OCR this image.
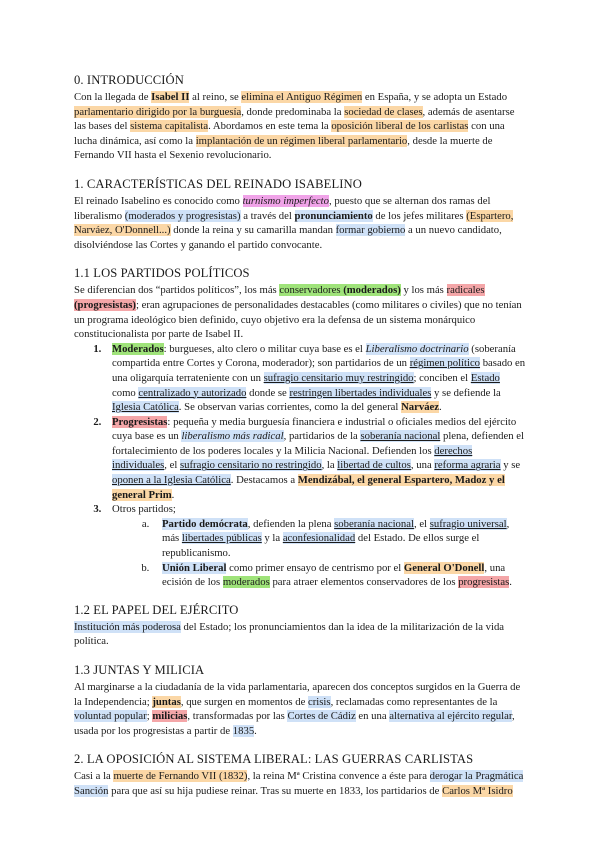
0. INTRODUCCIÓN

Con la llegada de Isabel II al reino, se elimina el Antiguo Régimen en España, y se adopta un Estado parlamentario dirigido por la burguesía, donde predominaba la sociedad de clases, además de asentarse las bases del sistema capitalista. Abordamos en este tema la oposición liberal de los carlistas con una lucha dinámica, así como la implantación de un régimen liberal parlamentario, desde la muerte de Fernando VII hasta el Sexenio revolucionario.

1. CARACTERÍSTICAS DEL REINADO ISABELINO

El reinado Isabelino es conocido como turnismo imperfecto, puesto que se alternan dos ramas del liberalismo (moderados y progresistas) a través del pronunciamiento de los jefes militares (Espartero, Narváez, O'Donnell...) donde la reina y su camarilla mandan formar gobierno a un nuevo candidato, disolviéndose las Cortes y ganando el partido convocante.

1.1 LOS PARTIDOS POLÍTICOS

Se diferencian dos “partidos políticos”, los más conservadores (moderados) y los más radicales (progresistas); eran agrupaciones de personalidades destacables (como militares o civiles) que no tenían un programa ideológico bien definido, cuyo objetivo era la defensa de un sistema monárquico constitucionalista por parte de Isabel II.

1. Moderados: burgueses, alto clero o militar cuya base es el Liberalismo doctrinario (soberanía compartida entre Cortes y Corona, moderador); son partidarios de un régimen político basado en una oligarquía terrateniente con un sufragio censitario muy restringido; conciben el Estado como centralizado y autorizado donde se restringen libertades individuales y se defiende la Iglesia Católica. Se observan varias corrientes, como la del general Narváez.
2. Progresistas: pequeña y media burguesía financiera e industrial o oficiales medios del ejército cuya base es un liberalismo más radical, partidarios de la soberanía nacional plena, defienden el fortalecimiento de los poderes locales y la Milicia Nacional. Defienden los derechos individuales, el sufragio censitario no restringido, la libertad de cultos, una reforma agraria y se oponen a la Iglesia Católica. Destacamos a Mendizábal, el general Espartero, Madoz y el general Prim.
3. Otros partidos;
a. Partido demócrata, defienden la plena soberanía nacional, el sufragio universal, más libertades públicas y la aconfesionalidad del Estado. De ellos surge el republicanismo.
b. Unión Liberal como primer ensayo de centrismo por el General O'Donell, una ecisión de los moderados para atraer elementos conservadores de los progresistas.
1.2 EL PAPEL DEL EJÉRCITO

Institución más poderosa del Estado; los pronunciamientos dan la idea de la militarización de la vida política.

1.3 JUNTAS Y MILICIA

Al marginarse a la ciudadanía de la vida parlamentaria, aparecen dos conceptos surgidos en la Guerra de la Independencia; juntas, que surgen en momentos de crisis, reclamadas como representantes de la voluntad popular; milicias, transformadas por las Cortes de Cádiz en una alternativa al ejército regular, usada por los progresistas a partir de 1835.

2. LA OPOSICIÓN AL SISTEMA LIBERAL: LAS GUERRAS CARLISTAS

Casi a la muerte de Fernando VII (1832), la reina Mª Cristina convence a éste para derogar la Pragmática Sanción para que así su hija pudiese reinar. Tras su muerte en 1833, los partidarios de Carlos Mª Isidro
